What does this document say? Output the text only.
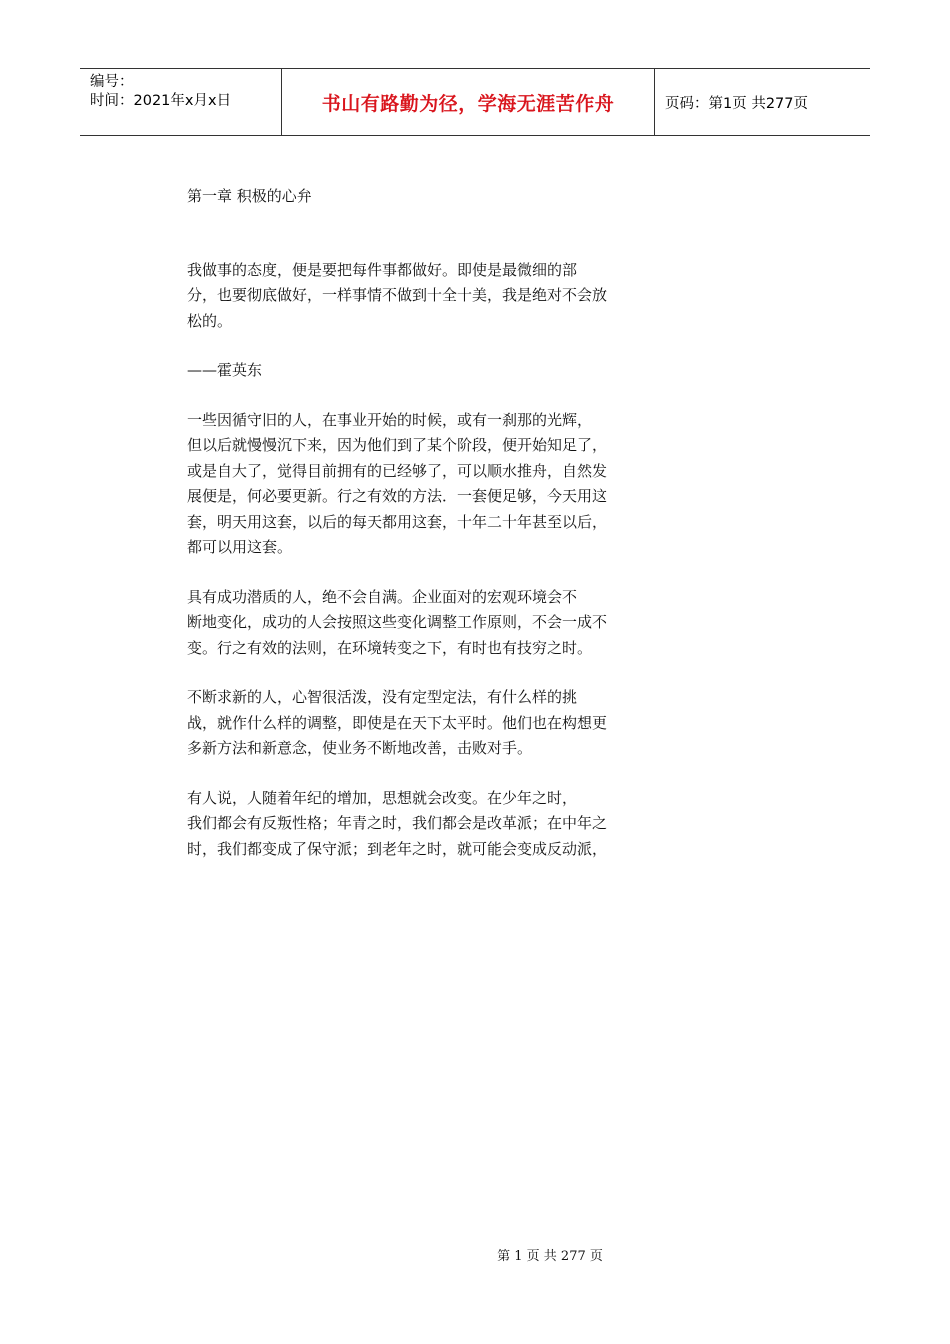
编号：
时间：2021年x月x日	书山有路勤为径，学海无涯苦作舟	页码：第1页 共277页
第一章 积极的心弁
我做事的态度，便是要把每件事都做好。即使是最微细的部
分，也要彻底做好，一样事情不做到十全十美，我是绝对不会放
松的。
——霍英东
一些因循守旧的人，在事业开始的时候，或有一刹那的光辉，
但以后就慢慢沉下来，因为他们到了某个阶段，便开始知足了，
或是自大了，觉得目前拥有的已经够了，可以顺水推舟，自然发
展便是，何必要更新。行之有效的方法．一套便足够，今天用这
套，明天用这套，以后的每天都用这套，十年二十年甚至以后，
都可以用这套。
具有成功潜质的人，绝不会自满。企业面对的宏观环境会不
断地变化，成功的人会按照这些变化调整工作原则，不会一成不
变。行之有效的法则，在环境转变之下，有时也有技穷之时。
不断求新的人，心智很活泼，没有定型定法，有什么样的挑
战，就作什么样的调整，即使是在天下太平时。他们也在构想更
多新方法和新意念，使业务不断地改善，击败对手。
有人说，人随着年纪的增加，思想就会改变。在少年之时，
我们都会有反叛性格；年青之时，我们都会是改革派；在中年之
时，我们都变成了保守派；到老年之时，就可能会变成反动派，
第 1 页 共 277 页
